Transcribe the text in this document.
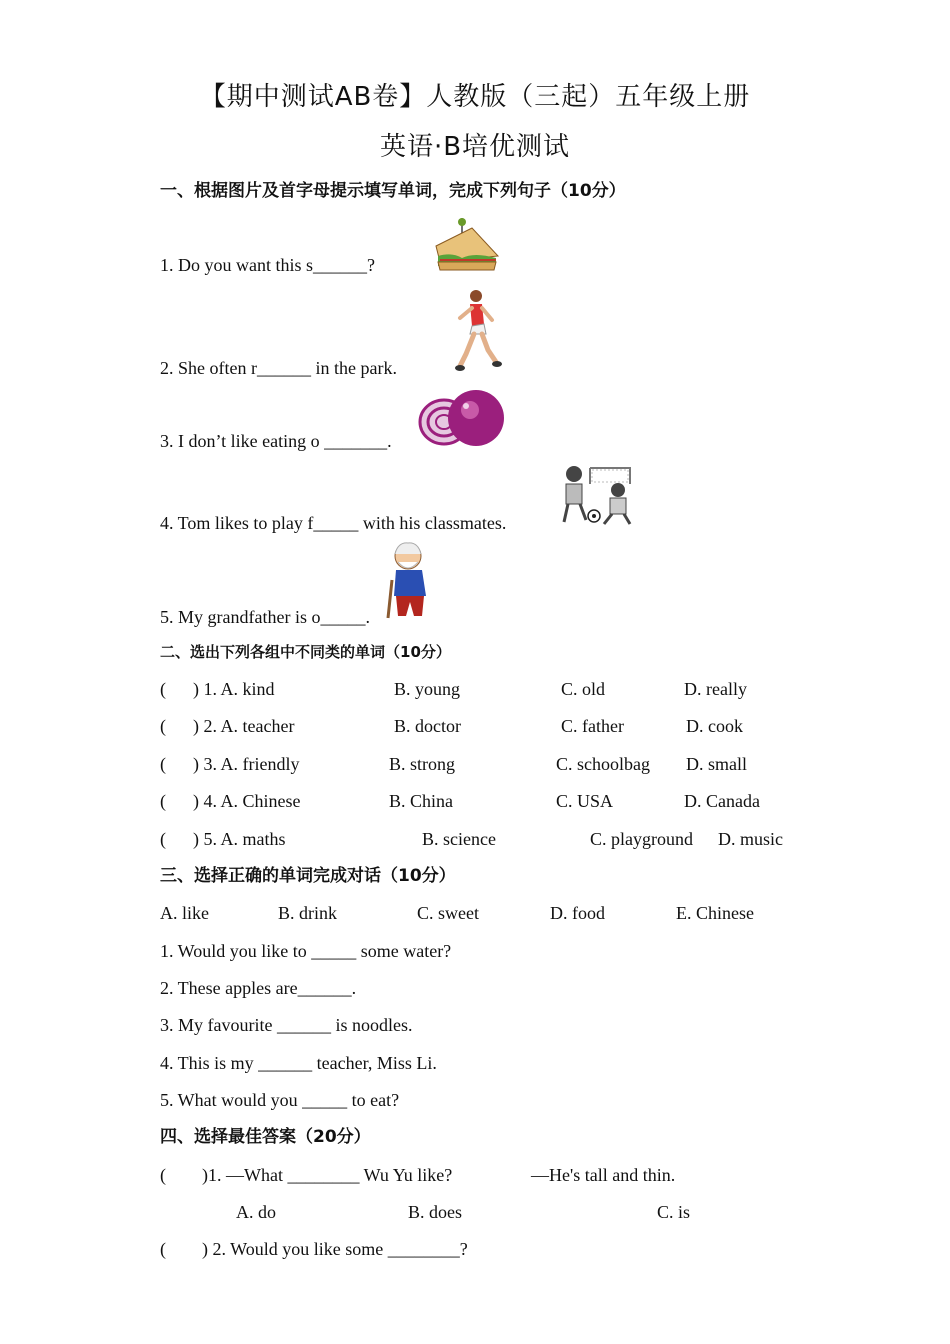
【期中测试AB卷】人教版（三起）五年级上册
英语·B培优测试
一、根据图片及首字母提示填写单词，完成下列句子（10分）
1. Do you want this s______?
2. She often r______ in the park.
3. I don’t like eating o _______.
4. Tom likes to play f_____ with his classmates.
5. My grandfather is o_____.
二、选出下列各组中不同类的单词（10分）
(      ) 1. A. kind	B. young	C. old	D. really
(      ) 2. A. teacher	B. doctor	C. father	D. cook
(      ) 3. A. friendly	B. strong	C. schoolbag D. small
(      ) 4. A. Chinese	B. China	C. USA	D. Canada
(      ) 5. A. maths	B. science	C. playground D. music
三、选择正确的单词完成对话（10分）
A. like	B. drink	C. sweet	D. food	E. Chinese
1. Would you like to _____ some water?
2. These apples are______.
3. My favourite ______ is noodles.
4. This is my ______ teacher, Miss Li.
5. What would you _____ to eat?
四、选择最佳答案（20分）
(        )1. —What ________ Wu Yu like?	—He's tall and thin.
A. do	B. does	C. is
(        ) 2. Would you like some ________?
